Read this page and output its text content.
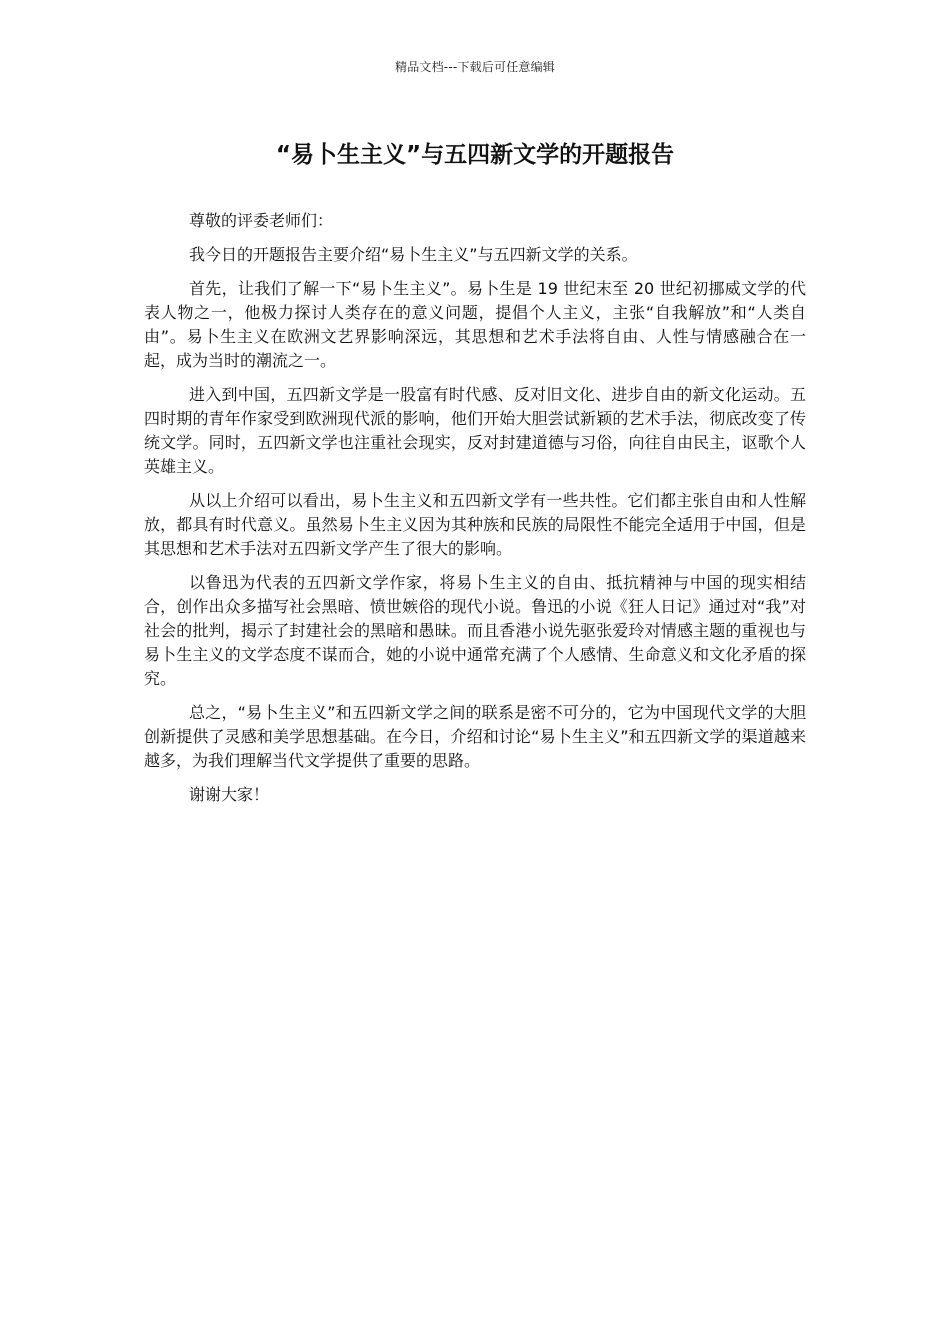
精品文档---下载后可任意编辑
“易卜生主义”与五四新文学的开题报告

尊敬的评委老师们：

我今日的开题报告主要介绍“易卜生主义”与五四新文学的关系。

首先，让我们了解一下“易卜生主义”。易卜生是 19 世纪末至 20 世纪初挪威文学的代表人物之一，他极力探讨人类存在的意义问题，提倡个人主义，主张“自我解放”和“人类自由”。易卜生主义在欧洲文艺界影响深远，其思想和艺术手法将自由、人性与情感融合在一起，成为当时的潮流之一。

进入到中国，五四新文学是一股富有时代感、反对旧文化、进步自由的新文化运动。五四时期的青年作家受到欧洲现代派的影响，他们开始大胆尝试新颖的艺术手法，彻底改变了传统文学。同时，五四新文学也注重社会现实，反对封建道德与习俗，向往自由民主，讴歌个人英雄主义。

从以上介绍可以看出，易卜生主义和五四新文学有一些共性。它们都主张自由和人性解放，都具有时代意义。虽然易卜生主义因为其种族和民族的局限性不能完全适用于中国，但是其思想和艺术手法对五四新文学产生了很大的影响。

以鲁迅为代表的五四新文学作家，将易卜生主义的自由、抵抗精神与中国的现实相结合，创作出众多描写社会黑暗、愤世嫉俗的现代小说。鲁迅的小说《狂人日记》通过对“我”对社会的批判，揭示了封建社会的黑暗和愚昧。而且香港小说先驱张爱玲对情感主题的重视也与易卜生主义的文学态度不谋而合，她的小说中通常充满了个人感情、生命意义和文化矛盾的探究。

总之，“易卜生主义”和五四新文学之间的联系是密不可分的，它为中国现代文学的大胆创新提供了灵感和美学思想基础。在今日，介绍和讨论“易卜生主义”和五四新文学的渠道越来越多，为我们理解当代文学提供了重要的思路。

谢谢大家！
